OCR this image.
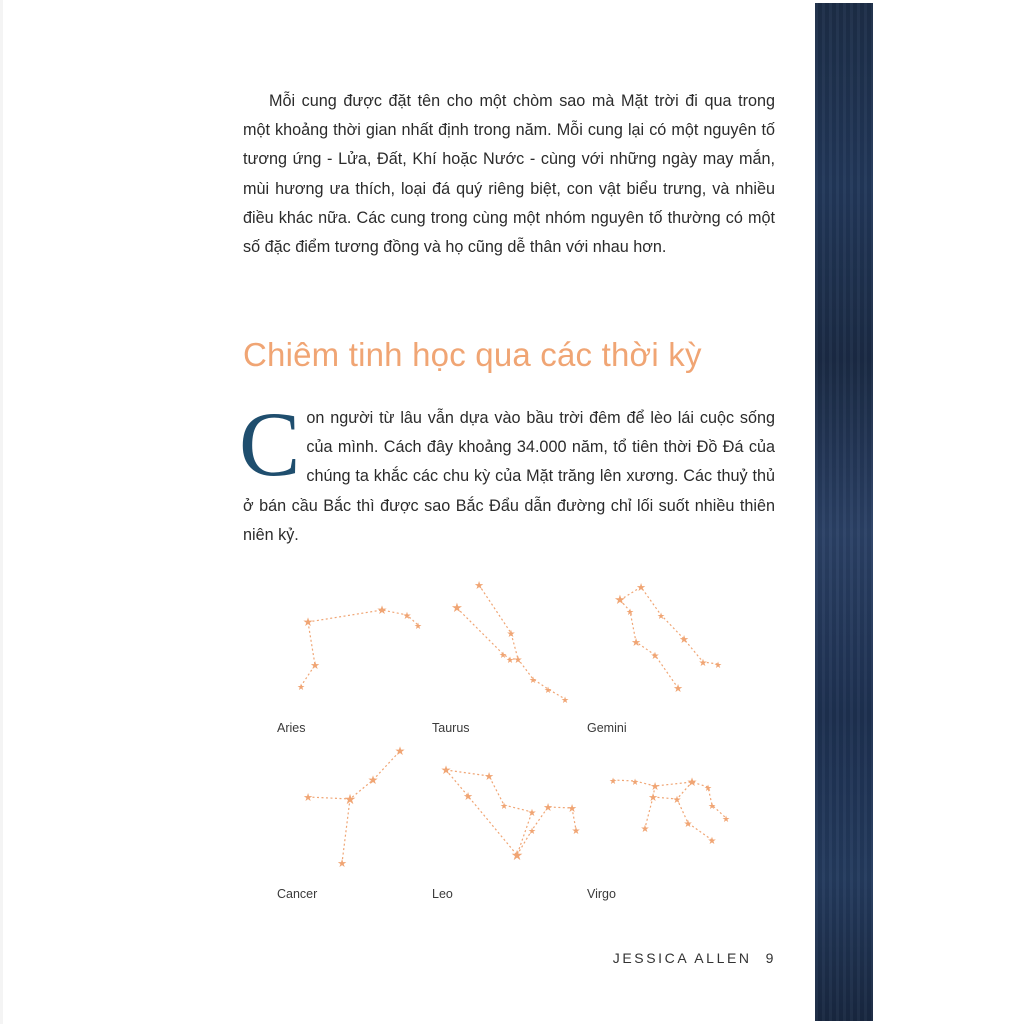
Mỗi cung được đặt tên cho một chòm sao mà Mặt trời đi qua trong một khoảng thời gian nhất định trong năm. Mỗi cung lại có một nguyên tố tương ứng - Lửa, Đất, Khí hoặc Nước - cùng với những ngày may mắn, mùi hương ưa thích, loại đá quý riêng biệt, con vật biểu trưng, và nhiều điều khác nữa. Các cung trong cùng một nhóm nguyên tố thường có một số đặc điểm tương đồng và họ cũng dễ thân với nhau hơn.

Chiêm tinh học qua các thời kỳ

Con người từ lâu vẫn dựa vào bầu trời đêm để lèo lái cuộc sống của mình. Cách đây khoảng 34.000 năm, tổ tiên thời Đồ Đá của chúng ta khắc các chu kỳ của Mặt trăng lên xương. Các thuỷ thủ ở bán cầu Bắc thì được sao Bắc Đẩu dẫn đường chỉ lối suốt nhiều thiên niên kỷ.

★
★ ★
★
★
★
★
★
★
★
★ ★
★
★
★
★
★
★
★
★ ★
★
★
★
★
★ ★
★
★
★
★	★
★
★
★
★
★
★ ★
★
★ ★ ★ ★ ★
★
★
★ ★
★	★
★
Aries	Taurus	Gemini
Cancer	Leo	Virgo
JESSICA ALLEN 9
